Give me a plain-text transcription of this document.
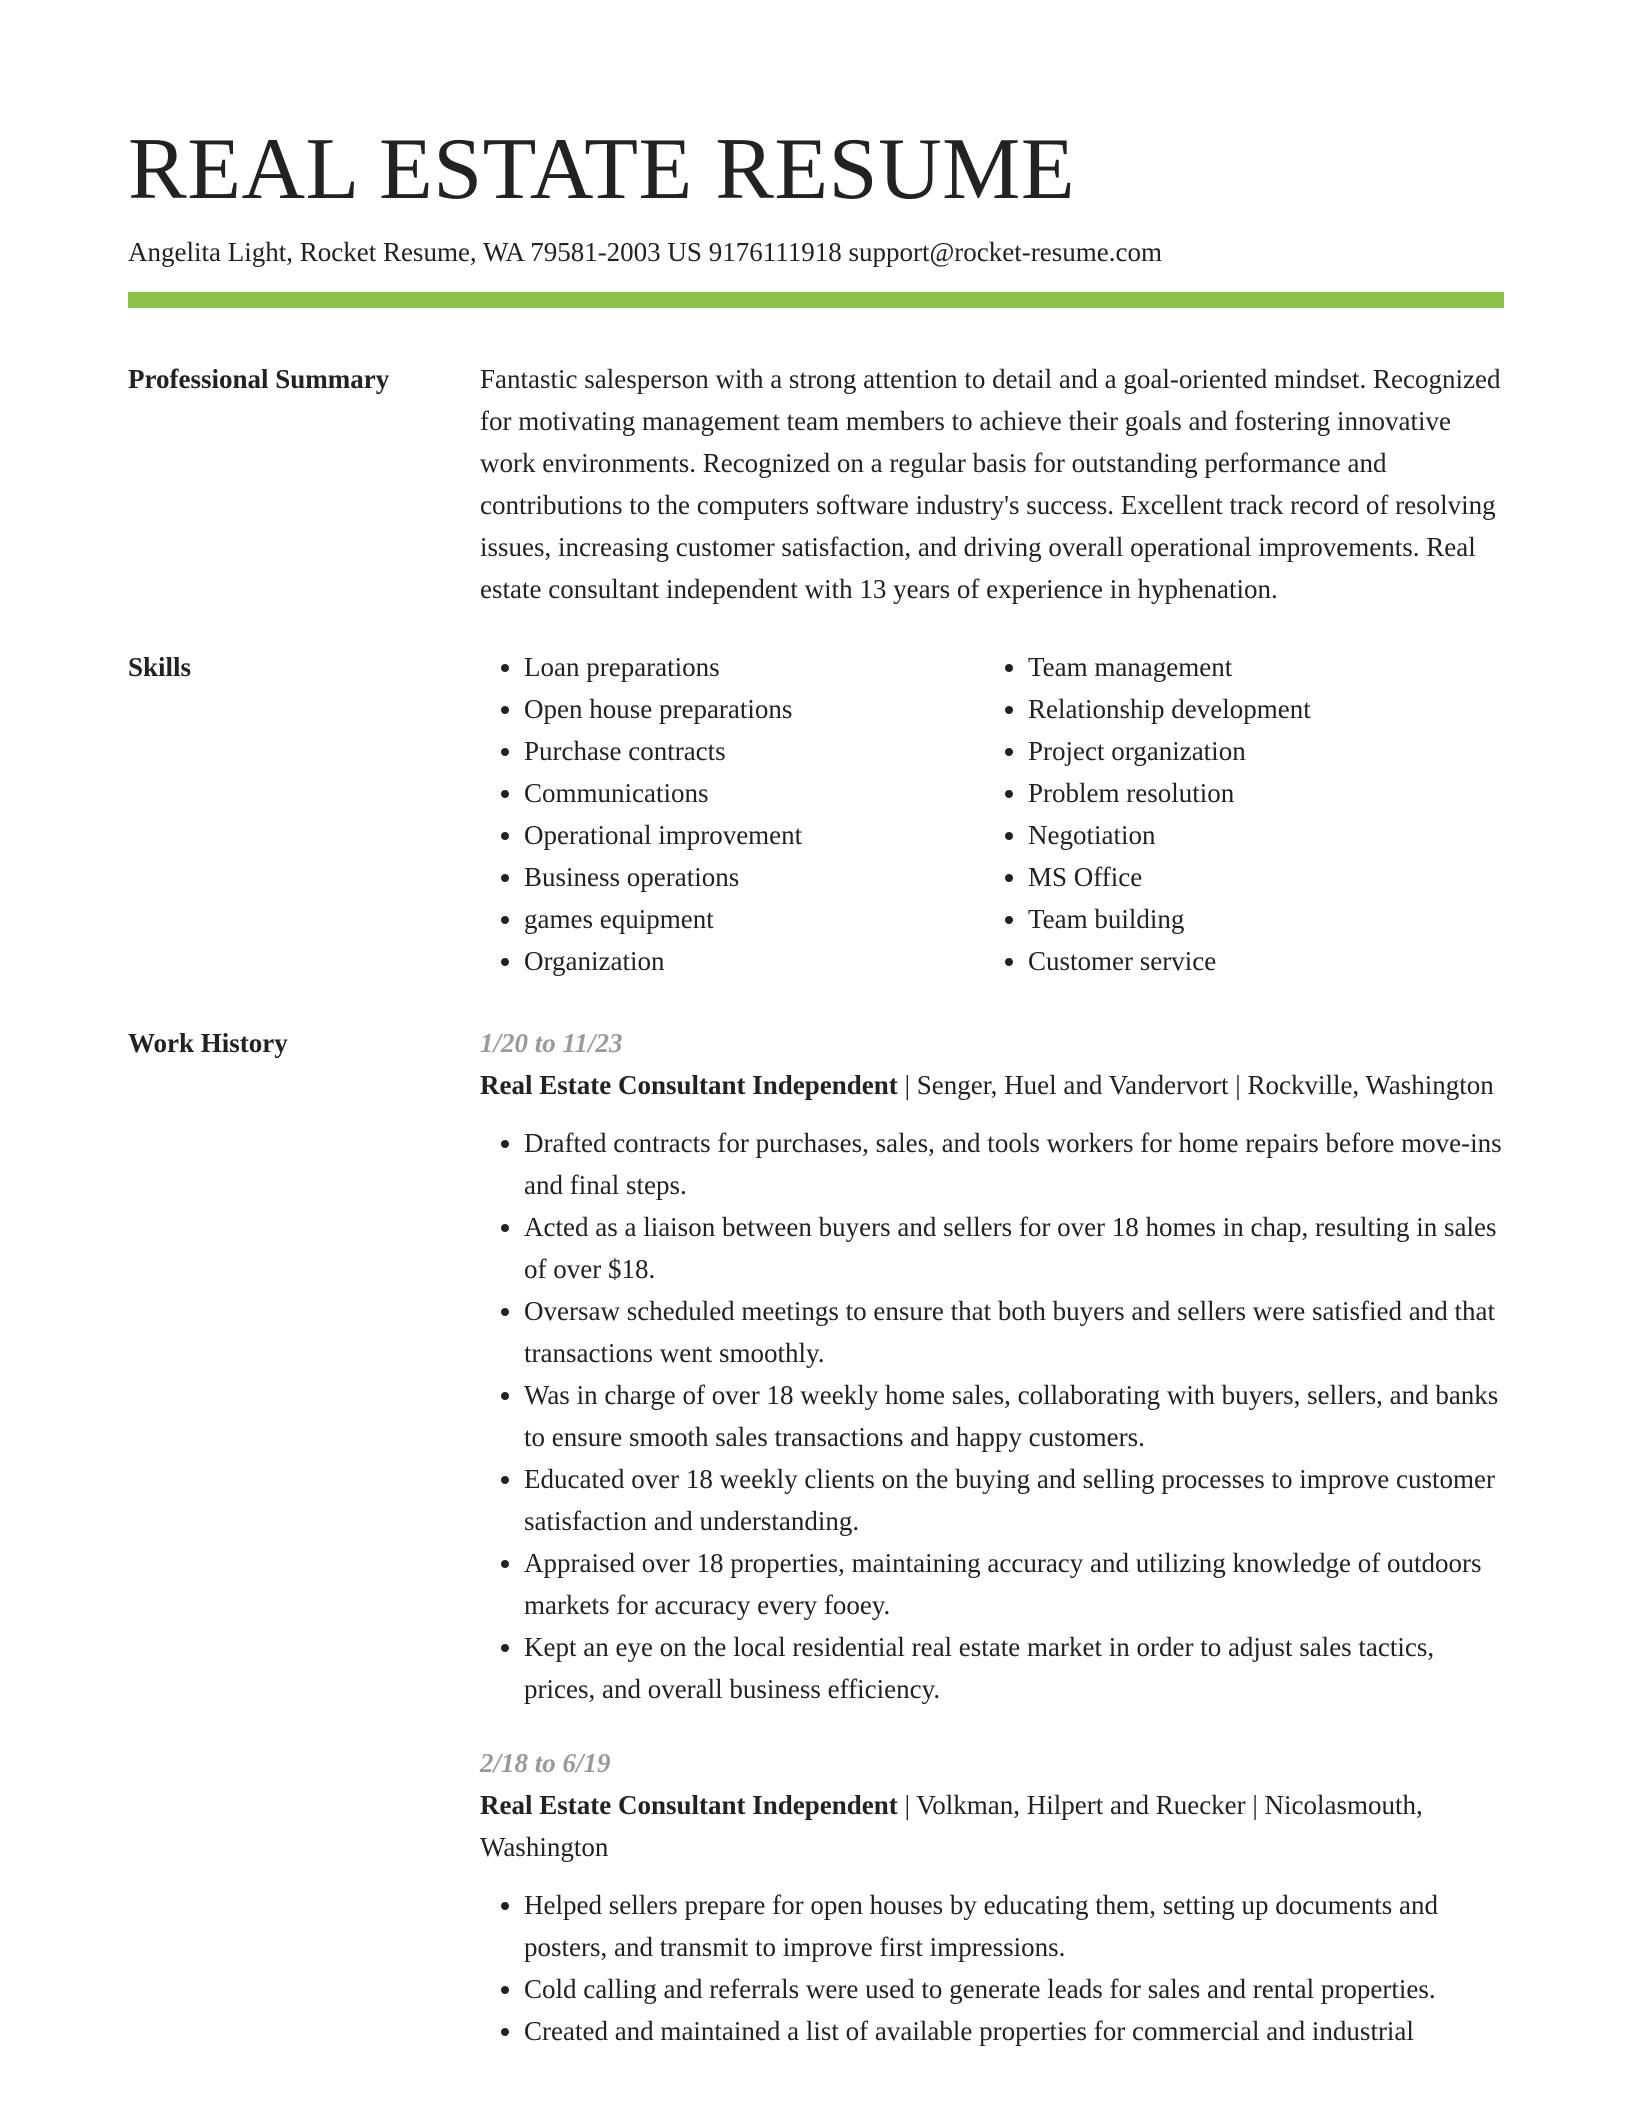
REAL ESTATE RESUME
Angelita Light, Rocket Resume, WA 79581-2003 US 9176111918 support@rocket-resume.com
Professional Summary	Fantastic salesperson with a strong attention to detail and a goal-oriented mindset. Recognized for motivating management team members to achieve their goals and fostering innovative work environments. Recognized on a regular basis for outstanding performance and contributions to the computers software industry's success. Excellent track record of resolving issues, increasing customer satisfaction, and driving overall operational improvements. Real estate consultant independent with 13 years of experience in hyphenation.
Skills
•	Loan preparations
• Open house preparations
• Purchase contracts
• Communications
• Operational improvement
• Business operations
• games equipment
• Organization
• Team management
• Relationship development
• Project organization
• Problem resolution
• Negotiation
• MS Office
• Team building
• Customer service
Work History	1/20 to 11/23
Real Estate Consultant Independent | Senger, Huel and Vandervort | Rockville, Washington
• Drafted contracts for purchases, sales, and tools workers for home repairs before move-ins and final steps.
• Acted as a liaison between buyers and sellers for over 18 homes in chap, resulting in sales of over $18.
• Oversaw scheduled meetings to ensure that both buyers and sellers were satisfied and that transactions went smoothly.
• Was in charge of over 18 weekly home sales, collaborating with buyers, sellers, and banks to ensure smooth sales transactions and happy customers.
• Educated over 18 weekly clients on the buying and selling processes to improve customer satisfaction and understanding.
• Appraised over 18 properties, maintaining accuracy and utilizing knowledge of outdoors markets for accuracy every fooey.
• Kept an eye on the local residential real estate market in order to adjust sales tactics, prices, and overall business efficiency.
2/18 to 6/19
Real Estate Consultant Independent | Volkman, Hilpert and Ruecker | Nicolasmouth, Washington
• Helped sellers prepare for open houses by educating them, setting up documents and posters, and transmit to improve first impressions.
• Cold calling and referrals were used to generate leads for sales and rental properties.
• Created and maintained a list of available properties for commercial and industrial
